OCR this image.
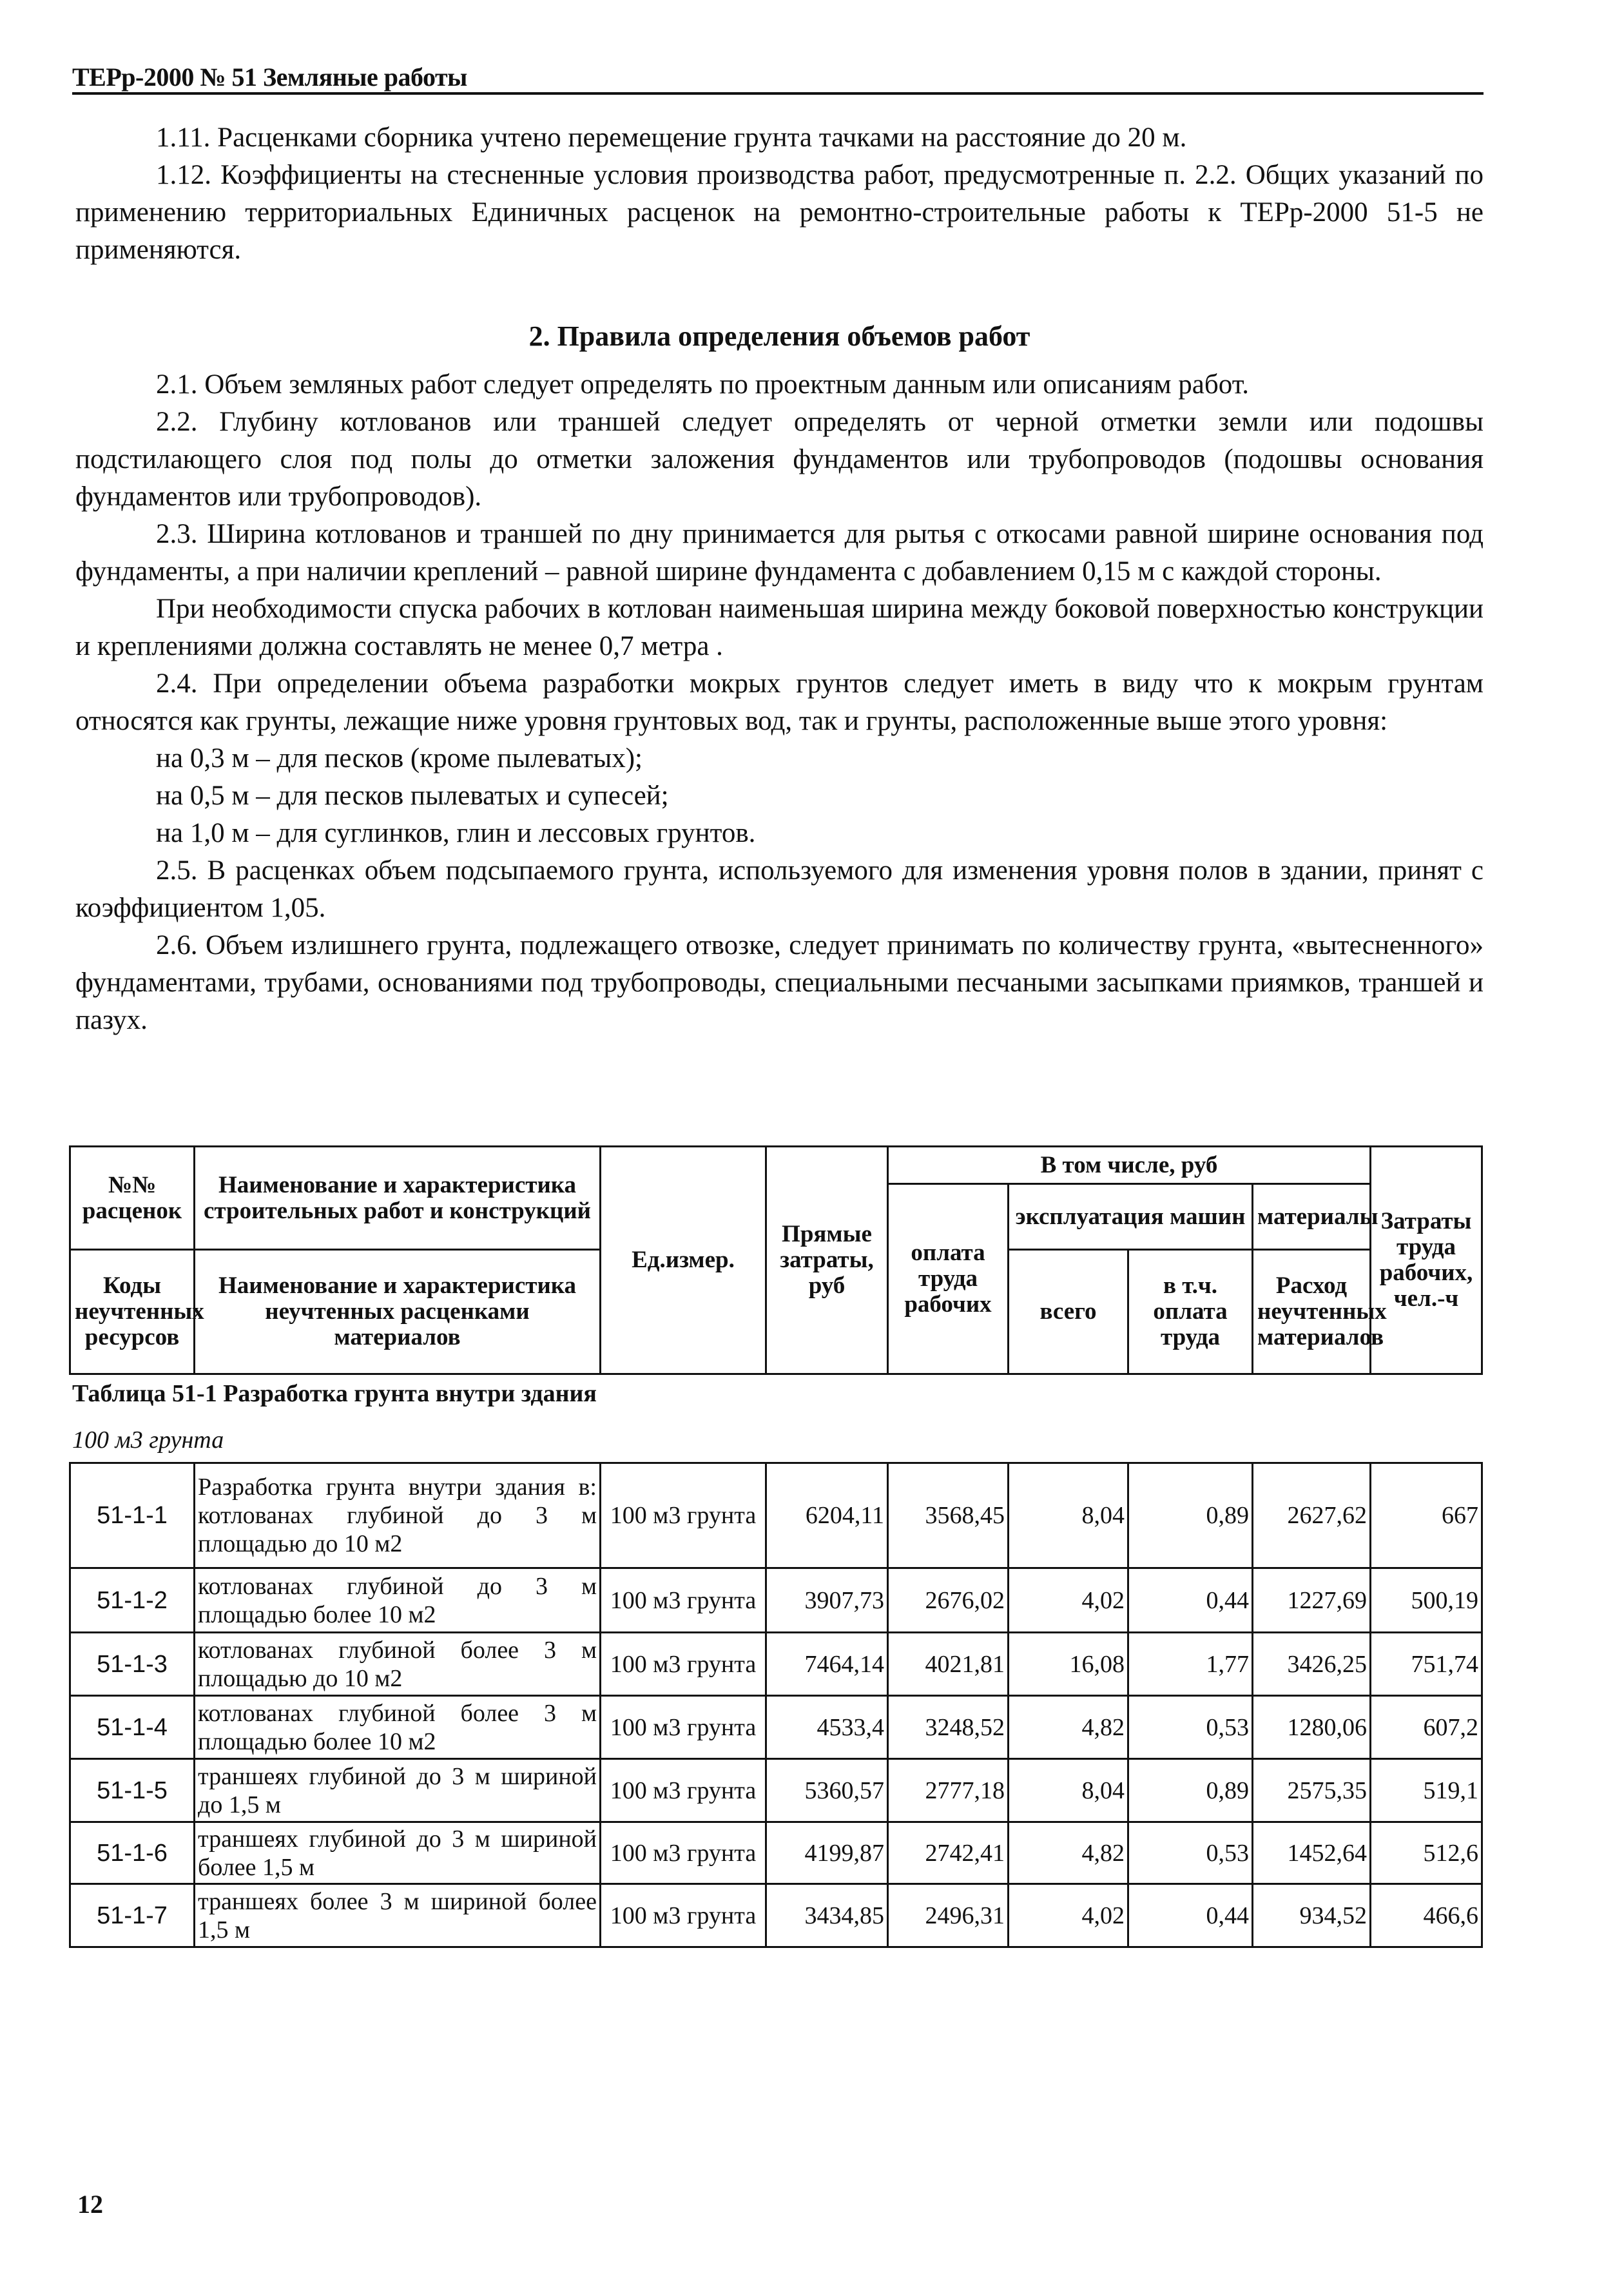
ТЕРр-2000 № 51 Земляные работы

1.11. Расценками сборника учтено перемещение грунта тачками на расстояние до 20 м.

1.12. Коэффициенты на стесненные условия производства работ, предусмотренные п. 2.2. Общих указаний по применению территориальных Единичных расценок на ремонтно-строительные работы к ТЕРр-2000 51-5 не применяются.

2. Правила определения объемов работ

2.1. Объем земляных работ следует определять по проектным данным или описаниям работ.

2.2. Глубину котлованов или траншей следует определять от черной отметки земли или подошвы подстилающего слоя под полы до отметки заложения фундаментов или трубопроводов (подошвы основания фундаментов или трубопроводов).

2.3. Ширина котлованов и траншей по дну принимается для рытья с откосами равной ширине основания под фундаменты, а при наличии креплений – равной ширине фундамента с добавлением 0,15 м с каждой стороны.

При необходимости спуска рабочих в котлован наименьшая ширина между боковой поверхностью конструкции и креплениями должна составлять не менее 0,7 метра .

2.4. При определении объема разработки мокрых грунтов следует иметь в виду что к мокрым грунтам относятся как грунты, лежащие ниже уровня грунтовых вод, так и грунты, расположенные выше этого уровня:

на 0,3 м – для песков (кроме пылеватых);

на 0,5 м – для песков пылеватых и супесей;

на 1,0 м – для суглинков, глин и лессовых грунтов.

2.5. В расценках объем подсыпаемого грунта, используемого для изменения уровня полов в здании, принят с коэффициентом 1,05.

2.6. Объем излишнего грунта, подлежащего отвозке, следует принимать по количеству грунта, «вытесненного» фундаментами, трубами, основаниями под трубопроводы, специальными песчаными засыпками приямков, траншей и пазух.

№№ расценок	Наименование и характеристика строительных работ и конструкций	Ед.измер.	Прямые затраты, руб	В том числе, руб				Затраты труда рабочих, чел.-ч
				оплата труда рабочих	эксплуатация машин		материалы	
Коды неучтенных ресурсов	Наименование и характеристика неучтенных расценками материалов				всего	в т.ч. оплата труда	Расход неучтенных материалов	

Таблица 51-1 Разработка грунта внутри здания
100 м3 грунта
51-1-1	Разработка грунта внутри здания в: котлованах глубиной до 3 м площадью до 10 м2	100 м3 грунта	6204,11	3568,45	8,04	0,89	2627,62	667
51-1-2	котлованах глубиной до 3 м площадью более 10 м2	100 м3 грунта	3907,73	2676,02	4,02	0,44	1227,69	500,19
51-1-3	котлованах глубиной более 3 м площадью до 10 м2	100 м3 грунта	7464,14	4021,81	16,08	1,77	3426,25	751,74
51-1-4	котлованах глубиной более 3 м площадью более 10 м2	100 м3 грунта	4533,4	3248,52	4,82	0,53	1280,06	607,2
51-1-5	траншеях глубиной до 3 м шириной до 1,5 м	100 м3 грунта	5360,57	2777,18	8,04	0,89	2575,35	519,1
51-1-6	траншеях глубиной до 3 м шириной более 1,5 м	100 м3 грунта	4199,87	2742,41	4,82	0,53	1452,64	512,6
51-1-7	траншеях более 3 м шириной более 1,5 м	100 м3 грунта	3434,85	2496,31	4,02	0,44	934,52	466,6
12
